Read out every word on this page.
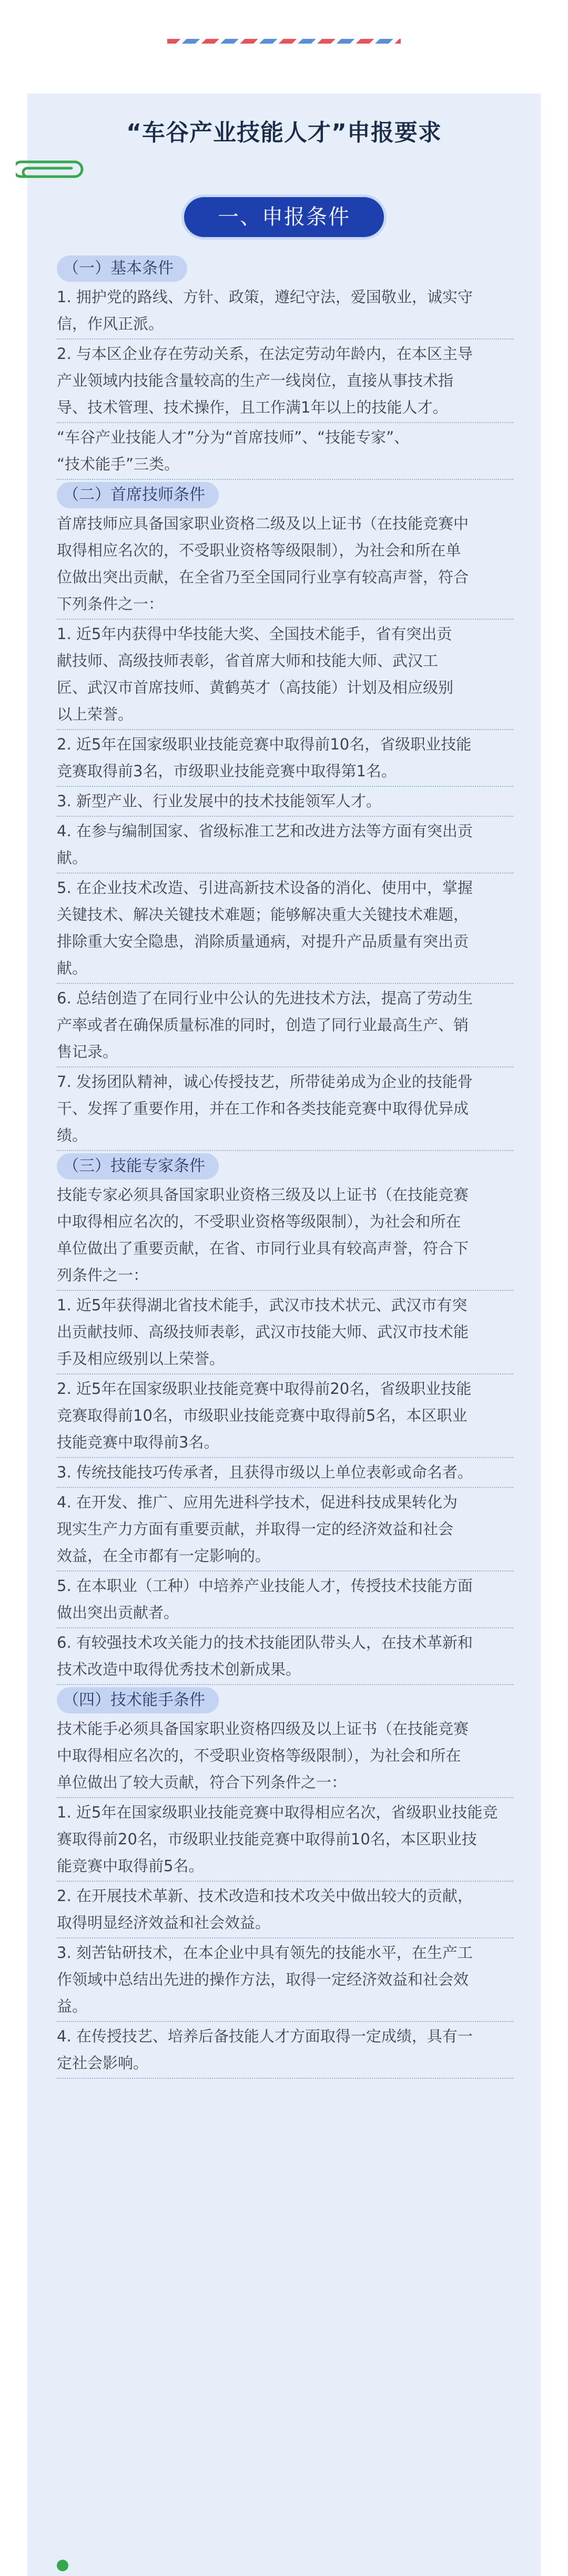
“车谷产业技能人才”申报要求
一、申报条件
（一）基本条件
1. 拥护党的路线、方针、政策，遵纪守法，爱国敬业，诚实守
信，作风正派。
2. 与本区企业存在劳动关系，在法定劳动年龄内，在本区主导
产业领域内技能含量较高的生产一线岗位，直接从事技术指
导、技术管理、技术操作，且工作满1年以上的技能人才。
“车谷产业技能人才”分为“首席技师”、“技能专家”、
“技术能手”三类。
（二）首席技师条件
首席技师应具备国家职业资格二级及以上证书（在技能竞赛中
取得相应名次的，不受职业资格等级限制），为社会和所在单
位做出突出贡献，在全省乃至全国同行业享有较高声誉，符合
下列条件之一：
1. 近5年内获得中华技能大奖、全国技术能手，省有突出贡
献技师、高级技师表彰，省首席大师和技能大师、武汉工
匠、武汉市首席技师、黄鹤英才（高技能）计划及相应级别
以上荣誉。
2. 近5年在国家级职业技能竞赛中取得前10名，省级职业技能
竞赛取得前3名，市级职业技能竞赛中取得第1名。
3. 新型产业、行业发展中的技术技能领军人才。
4. 在参与编制国家、省级标准工艺和改进方法等方面有突出贡
献。
5. 在企业技术改造、引进高新技术设备的消化、使用中，掌握
关键技术、解决关键技术难题；能够解决重大关键技术难题，
排除重大安全隐患，消除质量通病，对提升产品质量有突出贡
献。
6. 总结创造了在同行业中公认的先进技术方法，提高了劳动生
产率或者在确保质量标准的同时，创造了同行业最高生产、销
售记录。
7. 发扬团队精神，诚心传授技艺，所带徒弟成为企业的技能骨
干、发挥了重要作用，并在工作和各类技能竞赛中取得优异成
绩。
（三）技能专家条件
技能专家必须具备国家职业资格三级及以上证书（在技能竞赛
中取得相应名次的，不受职业资格等级限制），为社会和所在
单位做出了重要贡献，在省、市同行业具有较高声誉，符合下
列条件之一：
1. 近5年获得湖北省技术能手，武汉市技术状元、武汉市有突
出贡献技师、高级技师表彰，武汉市技能大师、武汉市技术能
手及相应级别以上荣誉。
2. 近5年在国家级职业技能竞赛中取得前20名，省级职业技能
竞赛取得前10名，市级职业技能竞赛中取得前5名，本区职业
技能竞赛中取得前3名。
3. 传统技能技巧传承者，且获得市级以上单位表彰或命名者。
4. 在开发、推广、应用先进科学技术，促进科技成果转化为
现实生产力方面有重要贡献，并取得一定的经济效益和社会
效益，在全市都有一定影响的。
5. 在本职业（工种）中培养产业技能人才，传授技术技能方面
做出突出贡献者。
6. 有较强技术攻关能力的技术技能团队带头人，在技术革新和
技术改造中取得优秀技术创新成果。
（四）技术能手条件
技术能手必须具备国家职业资格四级及以上证书（在技能竞赛
中取得相应名次的，不受职业资格等级限制），为社会和所在
单位做出了较大贡献，符合下列条件之一：
1. 近5年在国家级职业技能竞赛中取得相应名次，省级职业技能竞
赛取得前20名，市级职业技能竞赛中取得前10名，本区职业技
能竞赛中取得前5名。
2. 在开展技术革新、技术改造和技术攻关中做出较大的贡献，
取得明显经济效益和社会效益。
3. 刻苦钻研技术，在本企业中具有领先的技能水平，在生产工
作领域中总结出先进的操作方法，取得一定经济效益和社会效
益。
4. 在传授技艺、培养后备技能人才方面取得一定成绩，具有一
定社会影响。
